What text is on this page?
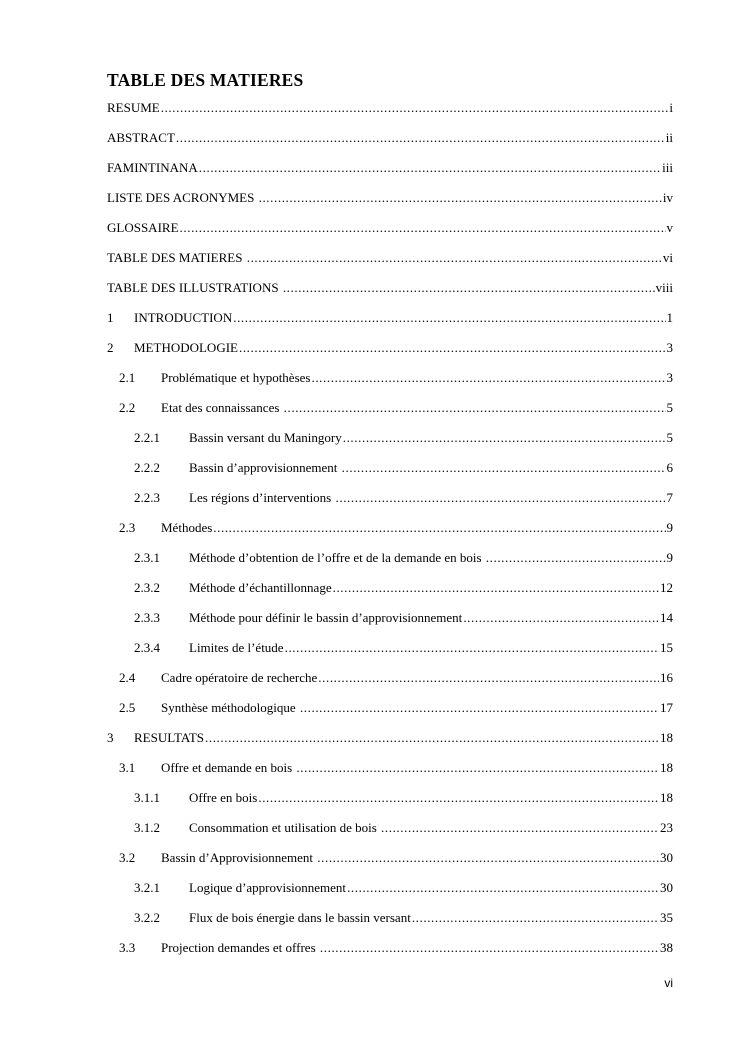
TABLE DES MATIERES
RESUME .....	i
ABSTRACT .....	ii
FAMINTINANA .....	iii
LISTE DES ACRONYMES .....	iv
GLOSSAIRE .....	v
TABLE DES MATIERES .....	vi
TABLE DES ILLUSTRATIONS .....	viii
1	INTRODUCTION .....	1
2	METHODOLOGIE .....	3
2.1	Problématique et hypothèses .....	3
2.2	Etat des connaissances .....	5
2.2.1	Bassin versant du Maningory .....	5
2.2.2	Bassin d’approvisionnement .....	6
2.2.3	Les régions d’interventions .....	7
2.3	Méthodes .....	9
2.3.1	Méthode d’obtention de l’offre et de la demande en bois .....	9
2.3.2	Méthode d’échantillonnage .....	12
2.3.3	Méthode pour définir le bassin d’approvisionnement .....	14
2.3.4	Limites de l’étude .....	15
2.4	Cadre opératoire de recherche .....	16
2.5	Synthèse méthodologique .....	17
3	RESULTATS .....	18
3.1	Offre et demande en bois .....	18
3.1.1	Offre en bois .....	18
3.1.2	Consommation et utilisation de bois .....	23
3.2	Bassin d’Approvisionnement .....	30
3.2.1	Logique d’approvisionnement .....	30
3.2.2	Flux de bois énergie dans le bassin versant .....	35
3.3	Projection demandes et offres .....	38
vi
